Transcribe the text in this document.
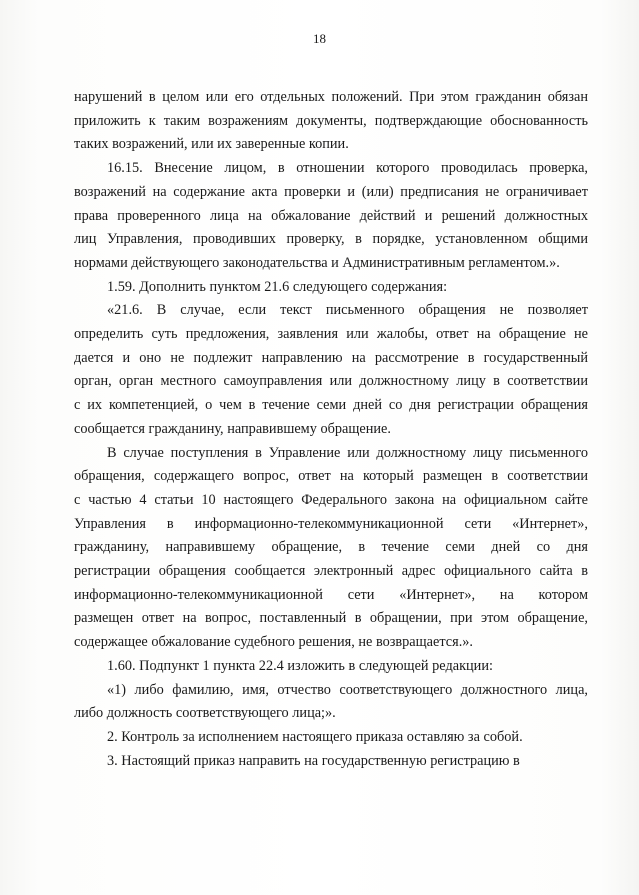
18
нарушений в целом или его отдельных положений. При этом гражданин обязан
приложить к таким возражениям документы, подтверждающие обоснованность
таких возражений, или их заверенные копии.
16.15. Внесение лицом, в отношении которого проводилась проверка,
возражений на содержание акта проверки и (или) предписания не ограничивает
права проверенного лица на обжалование действий и решений должностных
лиц Управления, проводивших проверку, в порядке, установленном общими
нормами действующего законодательства и Административным регламентом.».
1.59. Дополнить пунктом 21.6 следующего содержания:
«21.6. В случае, если текст письменного обращения не позволяет
определить суть предложения, заявления или жалобы, ответ на обращение не
дается и оно не подлежит направлению на рассмотрение в государственный
орган, орган местного самоуправления или должностному лицу в соответствии
с их компетенцией, о чем в течение семи дней со дня регистрации обращения
сообщается гражданину, направившему обращение.
В случае поступления в Управление или должностному лицу письменного
обращения, содержащего вопрос, ответ на который размещен в соответствии
с частью 4 статьи 10 настоящего Федерального закона на официальном сайте
Управления в информационно-телекоммуникационной сети «Интернет»,
гражданину, направившему обращение, в течение семи дней со дня
регистрации обращения сообщается электронный адрес официального сайта в
информационно-телекоммуникационной сети «Интернет», на котором
размещен ответ на вопрос, поставленный в обращении, при этом обращение,
содержащее обжалование судебного решения, не возвращается.».
1.60. Подпункт 1 пункта 22.4 изложить в следующей редакции:
«1) либо фамилию, имя, отчество соответствующего должностного лица,
либо должность соответствующего лица;».
2. Контроль за исполнением настоящего приказа оставляю за собой.
3. Настоящий приказ направить на государственную регистрацию в
